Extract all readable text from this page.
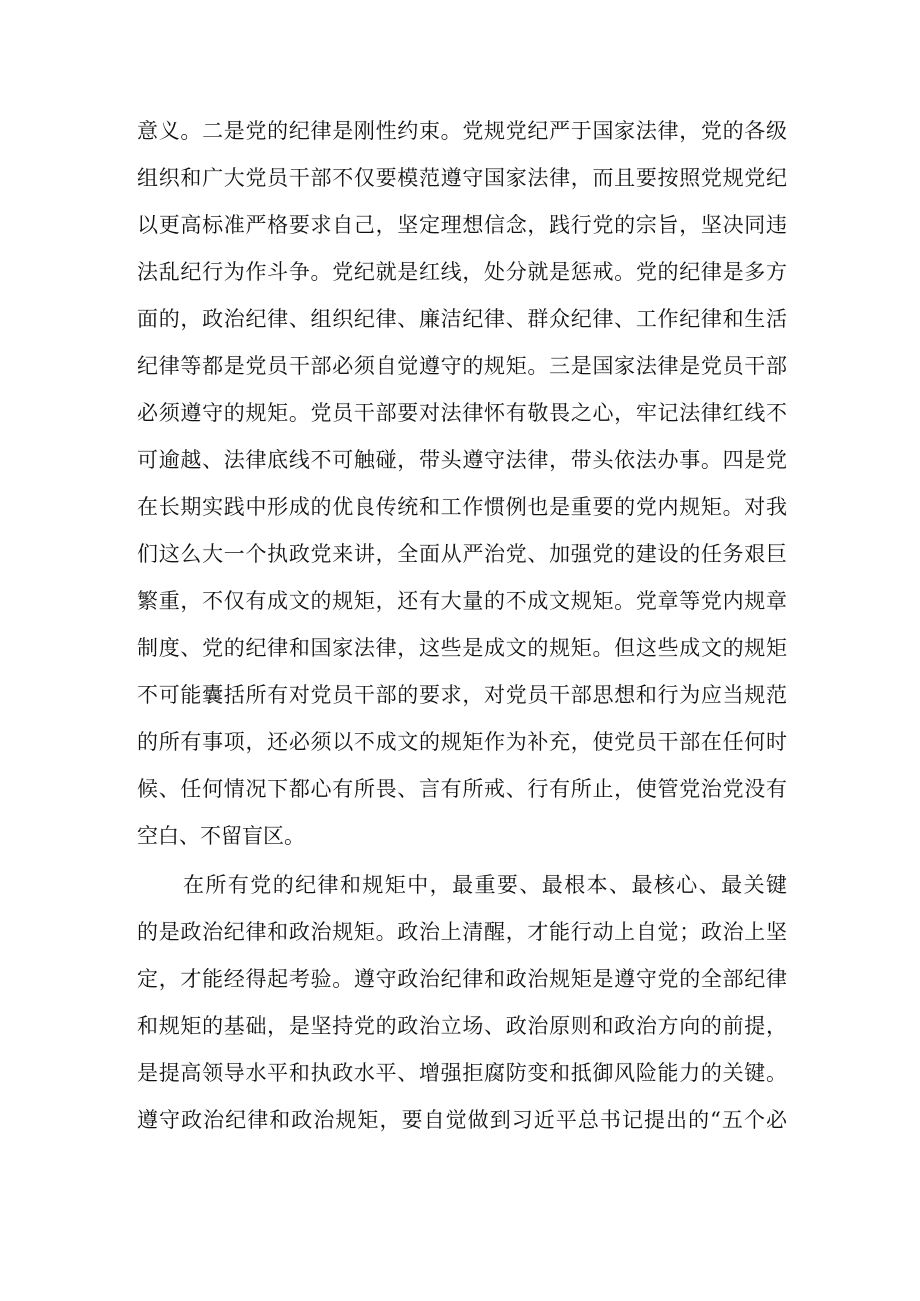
意义。二是党的纪律是刚性约束。党规党纪严于国家法律，党的各级
组织和广大党员干部不仅要模范遵守国家法律，而且要按照党规党纪
以更高标准严格要求自己，坚定理想信念，践行党的宗旨，坚决同违
法乱纪行为作斗争。党纪就是红线，处分就是惩戒。党的纪律是多方
面的，政治纪律、组织纪律、廉洁纪律、群众纪律、工作纪律和生活
纪律等都是党员干部必须自觉遵守的规矩。三是国家法律是党员干部
必须遵守的规矩。党员干部要对法律怀有敬畏之心，牢记法律红线不
可逾越、法律底线不可触碰，带头遵守法律，带头依法办事。四是党
在长期实践中形成的优良传统和工作惯例也是重要的党内规矩。对我
们这么大一个执政党来讲，全面从严治党、加强党的建设的任务艰巨
繁重，不仅有成文的规矩，还有大量的不成文规矩。党章等党内规章
制度、党的纪律和国家法律，这些是成文的规矩。但这些成文的规矩
不可能囊括所有对党员干部的要求，对党员干部思想和行为应当规范
的所有事项，还必须以不成文的规矩作为补充，使党员干部在任何时
候、任何情况下都心有所畏、言有所戒、行有所止，使管党治党没有
空白、不留盲区。
在所有党的纪律和规矩中，最重要、最根本、最核心、最关键
的是政治纪律和政治规矩。政治上清醒，才能行动上自觉；政治上坚
定，才能经得起考验。遵守政治纪律和政治规矩是遵守党的全部纪律
和规矩的基础，是坚持党的政治立场、政治原则和政治方向的前提，
是提高领导水平和执政水平、增强拒腐防变和抵御风险能力的关键。
遵守政治纪律和政治规矩，要自觉做到习近平总书记提出的“五个必
